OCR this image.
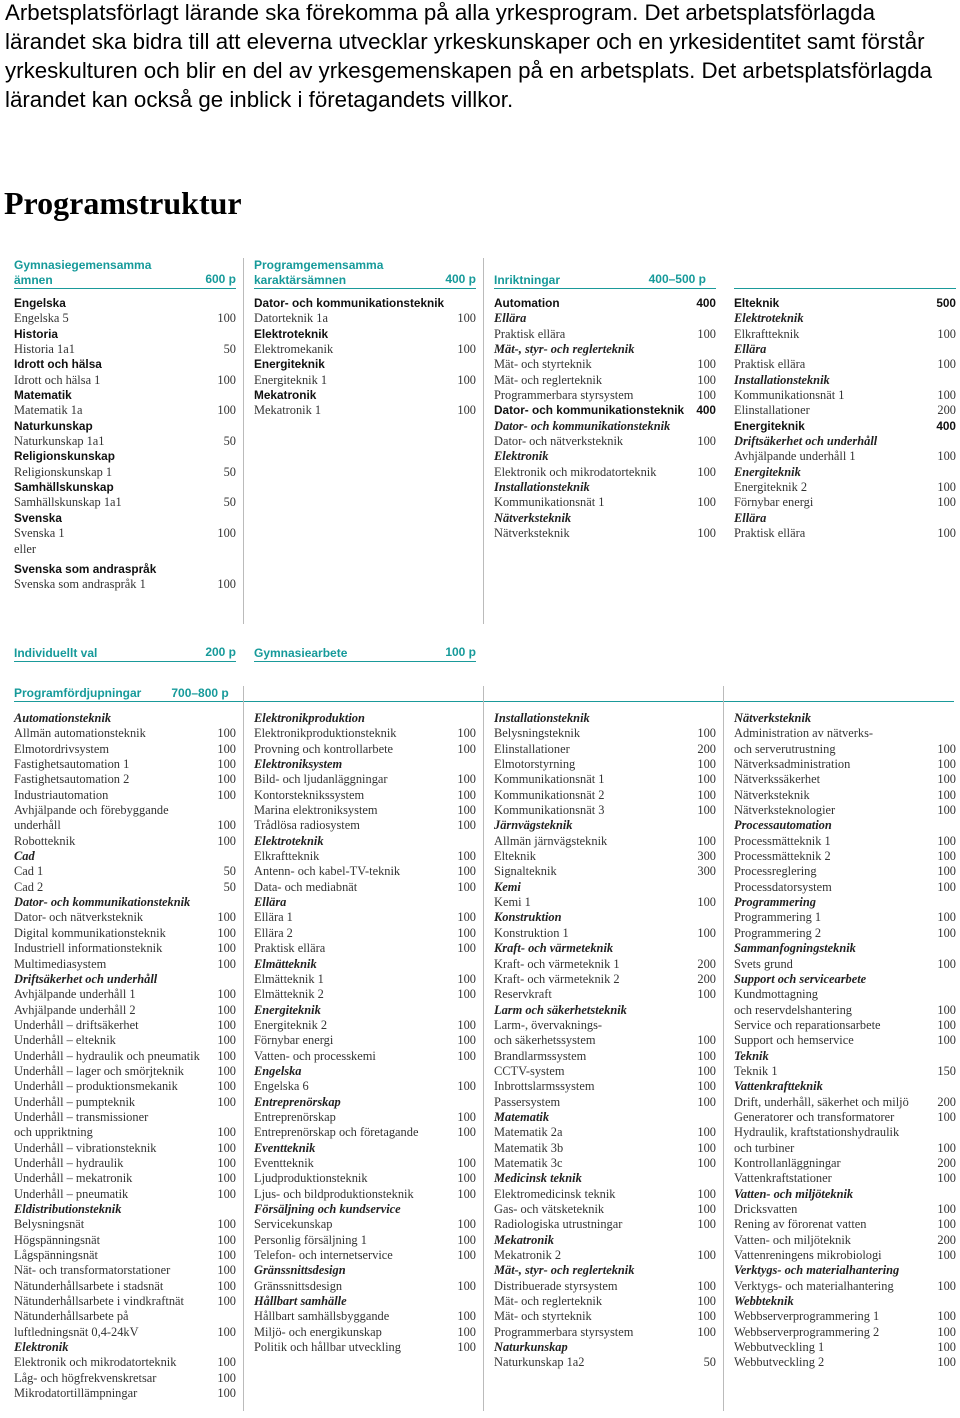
Arbetsplatsförlagt lärande ska förekomma på alla yrkesprogram. Det arbetsplatsförlagda
lärandet ska bidra till att eleverna utvecklar yrkeskunskaper och en yrkesidentitet samt förstår
yrkeskulturen och blir en del av yrkesgemenskapen på en arbetsplats. Det arbetsplatsförlagda
lärandet kan också ge inblick i företagandets villkor.
Programstruktur
Gymnasiegemensamma
ämnen	600 p
Engelska
Engelska 5	100
Historia
Historia 1a1	50
Idrott och hälsa
Idrott och hälsa 1	100
Matematik
Matematik 1a	100
Naturkunskap
Naturkunskap 1a1	50
Religionskunskap
Religionskunskap 1	50
Samhällskunskap
Samhällskunskap 1a1	50
Svenska
Svenska 1	100
eller
Svenska som andraspråk
Svenska som andraspråk 1	100
Programgemensamma
karaktärsämnen	400 p
Dator- och kommunikationsteknik
Datorteknik 1a	100
Elektroteknik
Elektromekanik	100
Energiteknik
Energiteknik 1	100
Mekatronik
Mekatronik 1	100
Inriktningar	400–500 p
Automation	400
Ellära
Praktisk ellära	100
Mät-, styr- och reglerteknik
Mät- och styrteknik	100
Mät- och reglerteknik	100
Programmerbara styrsystem	100
Dator- och kommunikationsteknik 400
Dator- och kommunikationsteknik
Dator- och nätverksteknik	100
Elektronik
Elektronik och mikrodatorteknik	100
Installationsteknik
Kommunikationsnät 1	100
Nätverksteknik
Nätverksteknik	100
Elteknik	500
Elektroteknik
Elkraftteknik	100
Ellära
Praktisk ellära	100
Installationsteknik
Kommunikationsnät 1	100
Elinstallationer	200
Energiteknik	400
Driftsäkerhet och underhåll
Avhjälpande underhåll 1	100
Energiteknik
Energiteknik 2	100
Förnybar energi	100
Ellära
Praktisk ellära	100
Individuellt val	200 p Gymnasiearbete	100 p
Programfördjupningar	700–800 p
Automationsteknik
Allmän automationsteknik	100
Elmotordrivsystem	100
Fastighetsautomation 1	100
Fastighetsautomation 2	100
Industriautomation	100
Avhjälpande och förebyggande
underhåll	100
Robotteknik	100
Cad
Cad 1	50
Cad 2	50
Dator- och kommunikationsteknik
Dator- och nätverksteknik	100
Digital kommunikationsteknik	100
Industriell informationsteknik	100
Multimediasystem	100
Driftsäkerhet och underhåll
Avhjälpande underhåll 1	100
Avhjälpande underhåll 2	100
Underhåll – driftsäkerhet	100
Underhåll – elteknik	100
Underhåll – hydraulik och pneumatik 100
Underhåll – lager och smörjteknik	100
Underhåll – produktionsmekanik	100
Underhåll – pumpteknik	100
Underhåll – transmissioner
och uppriktning	100
Underhåll – vibrationsteknik	100
Underhåll – hydraulik	100
Underhåll – mekatronik	100
Underhåll – pneumatik	100
Eldistributionsteknik
Belysningsnät	100
Högspänningsnät	100
Lågspänningsnät	100
Nät- och transformatorstationer	100
Nätunderhållsarbete i stadsnät	100
Nätunderhållsarbete i vindkraftnät	100
Nätunderhållsarbete på
luftledningsnät 0,4-24kV	100
Elektronik
Elektronik och mikrodatorteknik	100
Låg- och högfrekvenskretsar	100
Mikrodatortillämpningar	100
Elektronikproduktion
Elektronikproduktionsteknik	100
Provning och kontrollarbete	100
Elektroniksystem
Bild- och ljudanläggningar	100
Kontorsteknikssystem	100
Marina elektroniksystem	100
Trådlösa radiosystem	100
Elektroteknik
Elkraftteknik	100
Antenn- och kabel-TV-teknik	100
Data- och mediabnät	100
Ellära
Ellära 1	100
Ellära 2	100
Praktisk ellära	100
Elmätteknik
Elmätteknik 1	100
Elmätteknik 2	100
Energiteknik
Energiteknik 2	100
Förnybar energi	100
Vatten- och processkemi	100
Engelska
Engelska 6	100
Entreprenörskap
Entreprenörskap	100
Entreprenörskap och företagande	100
Eventteknik
Eventteknik	100
Ljudproduktionsteknik	100
Ljus- och bildproduktionsteknik	100
Försäljning och kundservice
Servicekunskap	100
Personlig försäljning 1	100
Telefon- och internetservice	100
Gränssnittsdesign
Gränssnittsdesign	100
Hållbart samhälle
Hållbart samhällsbyggande	100
Miljö- och energikunskap	100
Politik och hållbar utveckling	100
Installationsteknik
Belysningsteknik	100
Elinstallationer	200
Elmotorstyrning	100
Kommunikationsnät 1	100
Kommunikationsnät 2	100
Kommunikationsnät 3	100
Järnvägsteknik
Allmän järnvägsteknik	100
Elteknik	300
Signalteknik	300
Kemi
Kemi 1	100
Konstruktion
Konstruktion 1	100
Kraft- och värmeteknik
Kraft- och värmeteknik 1	200
Kraft- och värmeteknik 2	200
Reservkraft	100
Larm och säkerhetsteknik
Larm-, övervaknings-
och säkerhetssystem	100
Brandlarmssystem	100
CCTV-system	100
Inbrottslarmssystem	100
Passersystem	100
Matematik
Matematik 2a	100
Matematik 3b	100
Matematik 3c	100
Medicinsk teknik
Elektromedicinsk teknik	100
Gas- och vätsketeknik	100
Radiologiska utrustningar	100
Mekatronik
Mekatronik 2	100
Mät-, styr- och reglerteknik
Distribuerade styrsystem	100
Mät- och reglerteknik	100
Mät- och styrteknik	100
Programmerbara styrsystem	100
Naturkunskap
Naturkunskap 1a2	50
Nätverksteknik
Administration av nätverks-
och serverutrustning	100
Nätverksadministration	100
Nätverkssäkerhet	100
Nätverksteknik	100
Nätverksteknologier	100
Processautomation
Processmätteknik 1	100
Processmätteknik 2	100
Processreglering	100
Processdatorsystem	100
Programmering
Programmering 1	100
Programmering 2	100
Sammanfogningsteknik
Svets grund	100
Support och servicearbete
Kundmottagning
och reservdelshantering	100
Service och reparationsarbete	100
Support och hemservice	100
Teknik
Teknik 1	150
Vattenkraftteknik
Drift, underhåll, säkerhet och miljö 200
Generatorer och transformatorer	100
Hydraulik, kraftstationshydraulik
och turbiner	100
Kontrollanläggningar	200
Vattenkraftstationer	100
Vatten- och miljöteknik
Dricksvatten	100
Rening av förorenat vatten	100
Vatten- och miljöteknik	200
Vattenreningens mikrobiologi	100
Verktygs- och materialhantering
Verktygs- och materialhantering	100
Webbteknik
Webbserverprogrammering 1	100
Webbserverprogrammering 2	100
Webbutveckling 1	100
Webbutveckling 2	100
